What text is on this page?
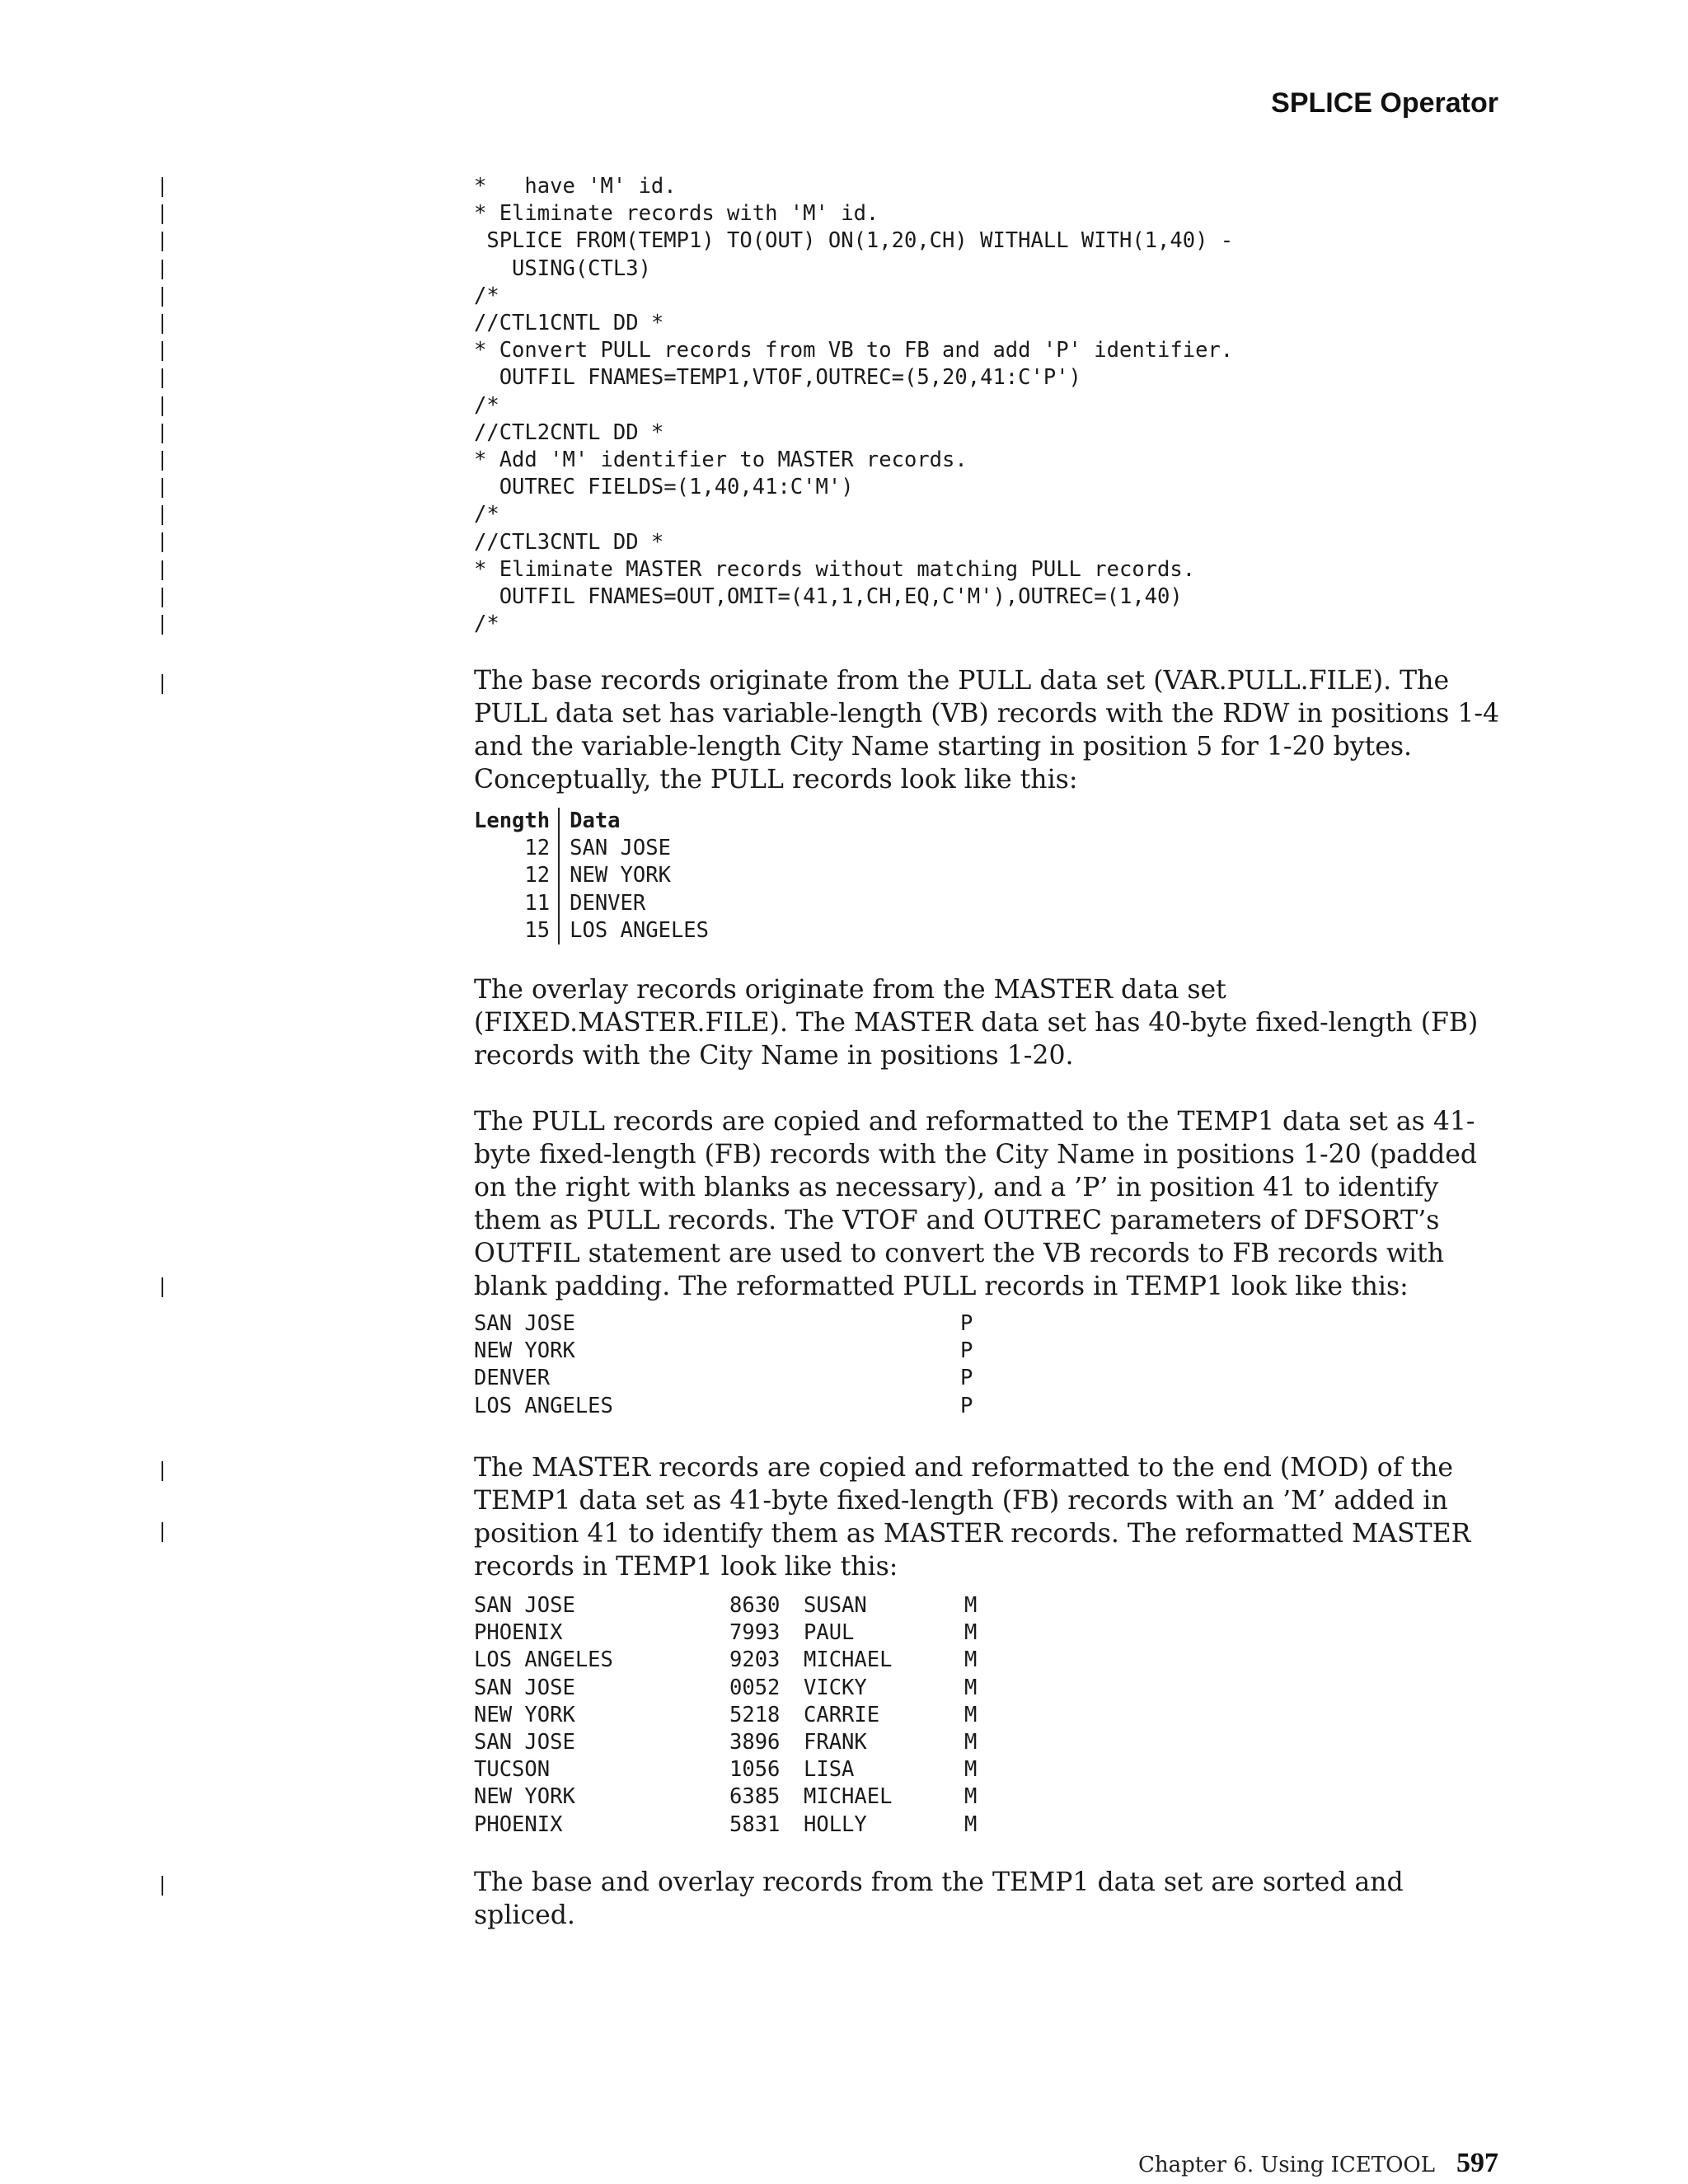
SPLICE Operator
*   have 'M' id.
* Eliminate records with 'M' id.
SPLICE FROM(TEMP1) TO(OUT) ON(1,20,CH) WITHALL WITH(1,40) -
USING(CTL3)
/*
//CTL1CNTL DD *
* Convert PULL records from VB to FB and add 'P' identifier.
OUTFIL FNAMES=TEMP1,VTOF,OUTREC=(5,20,41:C'P')
/*
//CTL2CNTL DD *
* Add 'M' identifier to MASTER records.
OUTREC FIELDS=(1,40,41:C'M')
/*
//CTL3CNTL DD *
* Eliminate MASTER records without matching PULL records.
OUTFIL FNAMES=OUT,OMIT=(41,1,CH,EQ,C'M'),OUTREC=(1,40)
/*

The base records originate from the PULL data set (VAR.PULL.FILE). The PULL data set has variable-length (VB) records with the RDW in positions 1-4 and the variable-length City Name starting in position 5 for 1-20 bytes. Conceptually, the PULL records look like this:

Length	Data
12	SAN JOSE
12	NEW YORK
11	DENVER
15	LOS ANGELES

The overlay records originate from the MASTER data set (FIXED.MASTER.FILE). The MASTER data set has 40-byte fixed-length (FB) records with the City Name in positions 1-20.

The PULL records are copied and reformatted to the TEMP1 data set as 41-byte fixed-length (FB) records with the City Name in positions 1-20 (padded on the right with blanks as necessary), and a ’P’ in position 41 to identify them as PULL records. The VTOF and OUTREC parameters of DFSORT’s OUTFIL statement are used to convert the VB records to FB records with blank padding. The reformatted PULL records in TEMP1 look like this:

SAN JOSE	P
NEW YORK	P
DENVER	P
LOS ANGELES	P

The MASTER records are copied and reformatted to the end (MOD) of the TEMP1 data set as 41-byte fixed-length (FB) records with an ’M’ added in position 41 to identify them as MASTER records. The reformatted MASTER records in TEMP1 look like this:

SAN JOSE	8630	SUSAN	M
PHOENIX	7993	PAUL	M
LOS ANGELES	9203	MICHAEL	M
SAN JOSE	0052	VICKY	M
NEW YORK	5218	CARRIE	M
SAN JOSE	3896	FRANK	M
TUCSON	1056	LISA	M
NEW YORK	6385	MICHAEL	M
PHOENIX	5831	HOLLY	M

The base and overlay records from the TEMP1 data set are sorted and spliced.

Chapter 6. Using ICETOOL 597
